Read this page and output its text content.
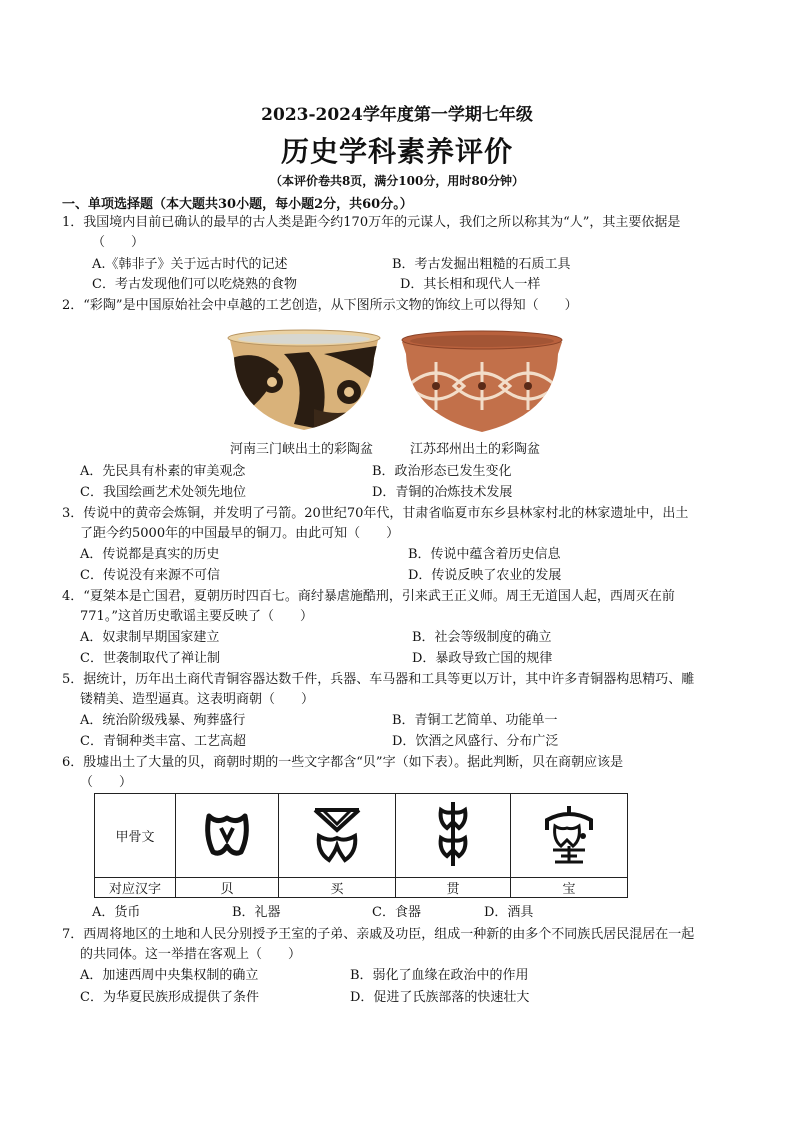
2023-2024学年度第一学期七年级
历史学科素养评价
（本评价卷共8页，满分100分，用时80分钟）
一、单项选择题（本大题共30小题，每小题2分，共60分。）
1．我国境内目前已确认的最早的古人类是距今约170万年的元谋人，我们之所以称其为“人”，其主要依据是
（　　）
A.《韩非子》关于远古时代的记述	B．考古发掘出粗糙的石质工具
C．考古发现他们可以吃烧熟的食物	D．其长相和现代人一样
2．“彩陶”是中国原始社会中卓越的工艺创造，从下图所示文物的饰纹上可以得知（　　）
河南三门峡出土的彩陶盆	江苏邳州出土的彩陶盆
A．先民具有朴素的审美观念	B．政治形态已发生变化
C．我国绘画艺术处领先地位	D．青铜的冶炼技术发展
3．传说中的黄帝会炼铜，并发明了弓箭。20世纪70年代，甘肃省临夏市东乡县林家村北的林家遗址中，出土
了距今约5000年的中国最早的铜刀。由此可知（　　）
A．传说都是真实的历史	B．传说中蕴含着历史信息
C．传说没有来源不可信	D．传说反映了农业的发展
4．“夏桀本是亡国君，夏朝历时四百七。商纣暴虐施酷刑，引来武王正义师。周王无道国人起，西周灭在前
771。”这首历史歌谣主要反映了（　　）
A．奴隶制早期国家建立	B．社会等级制度的确立
C．世袭制取代了禅让制	D．暴政导致亡国的规律
5．据统计，历年出土商代青铜容器达数千件，兵器、车马器和工具等更以万计，其中许多青铜器构思精巧、雕
镂精美、造型逼真。这表明商朝（　　）
A．统治阶级残暴、殉葬盛行	B．青铜工艺简单、功能单一
C．青铜种类丰富、工艺高超	D．饮酒之风盛行、分布广泛
6．殷墟出土了大量的贝，商朝时期的一些文字都含“贝”字（如下表）。据此判断，贝在商朝应该是
（　　）
甲骨文				
对应汉字	贝	买	贯	宝
A．货币	B．礼器	C．食器	D．酒具
7．西周将地区的土地和人民分别授予王室的子弟、亲戚及功臣，组成一种新的由多个不同族氏居民混居在一起
的共同体。这一举措在客观上（　　）
A．加速西周中央集权制的确立	B．弱化了血缘在政治中的作用
C．为华夏民族形成提供了条件	D．促进了氏族部落的快速壮大
